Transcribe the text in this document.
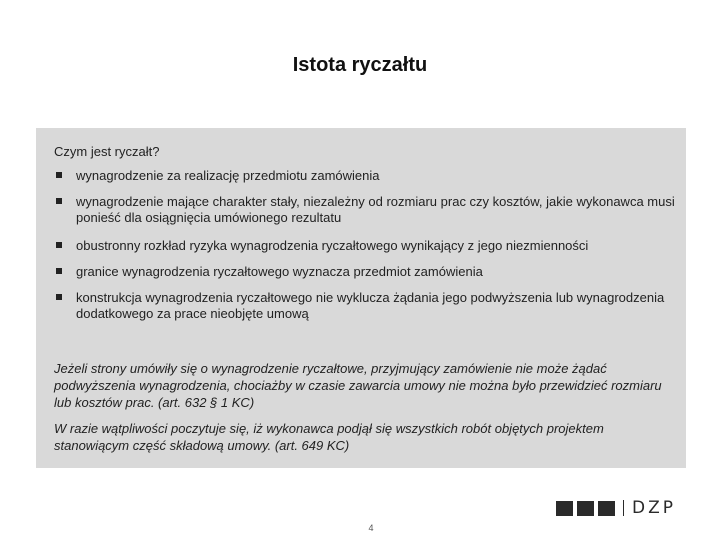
Istota ryczałtu
Czym jest ryczałt?
wynagrodzenie za realizację przedmiotu zamówienia
wynagrodzenie mające charakter stały, niezależny od rozmiaru prac czy kosztów, jakie wykonawca musi ponieść dla osiągnięcia umówionego rezultatu
obustronny rozkład ryzyka wynagrodzenia ryczałtowego wynikający z jego niezmienności
granice wynagrodzenia ryczałtowego wyznacza przedmiot zamówienia
konstrukcja wynagrodzenia ryczałtowego nie wyklucza żądania jego podwyższenia lub wynagrodzenia dodatkowego za prace nieobjęte umową

Jeżeli strony umówiły się o wynagrodzenie ryczałtowe, przyjmujący zamówienie nie może żądać podwyższenia wynagrodzenia, chociażby w czasie zawarcia umowy nie można było przewidzieć rozmiaru lub kosztów prac. (art. 632 § 1 KC)

W razie wątpliwości poczytuje się, iż wykonawca podjął się wszystkich robót objętych projektem stanowiącym część składową umowy. (art. 649 KC)

DZP
4
